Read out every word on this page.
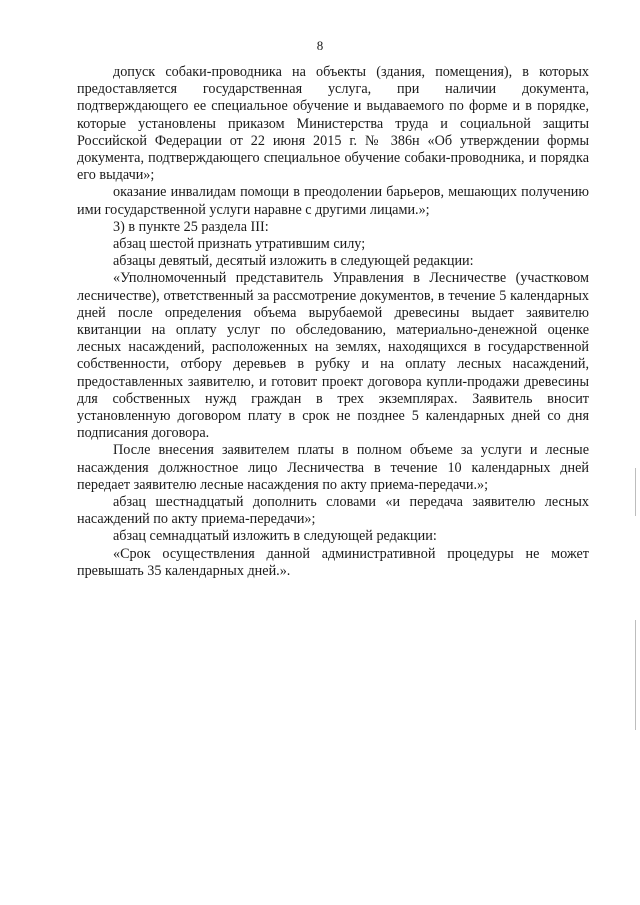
8

допуск собаки-проводника на объекты (здания, помещения), в которых предоставляется государственная услуга, при наличии документа, подтверждающего ее специальное обучение и выдаваемого по форме и в порядке, которые установлены приказом Министерства труда и социальной защиты Российской Федерации от 22 июня 2015 г. № 386н «Об утверждении формы документа, подтверждающего специальное обучение собаки-проводника, и порядка его выдачи»;

оказание инвалидам помощи в преодолении барьеров, мешающих получению ими государственной услуги наравне с другими лицами.»;

3) в пункте 25 раздела III:

абзац шестой признать утратившим силу;

абзацы девятый, десятый изложить в следующей редакции:

«Уполномоченный представитель Управления в Лесничестве (участковом лесничестве), ответственный за рассмотрение документов, в течение 5 календарных дней после определения объема вырубаемой древесины выдает заявителю квитанции на оплату услуг по обследованию, материально-денежной оценке лесных насаждений, расположенных на землях, находящихся в государственной собственности, отбору деревьев в рубку и на оплату лесных насаждений, предоставленных заявителю, и готовит проект договора купли-продажи древесины для собственных нужд граждан в трех экземплярах. Заявитель вносит установленную договором плату в срок не позднее 5 календарных дней со дня подписания договора.

После внесения заявителем платы в полном объеме за услуги и лесные насаждения должностное лицо Лесничества в течение 10 календарных дней передает заявителю лесные насаждения по акту приема-передачи.»;

абзац шестнадцатый дополнить словами «и передача заявителю лесных насаждений по акту приема-передачи»;

абзац семнадцатый изложить в следующей редакции:

«Срок осуществления данной административной процедуры не может превышать 35 календарных дней.».
